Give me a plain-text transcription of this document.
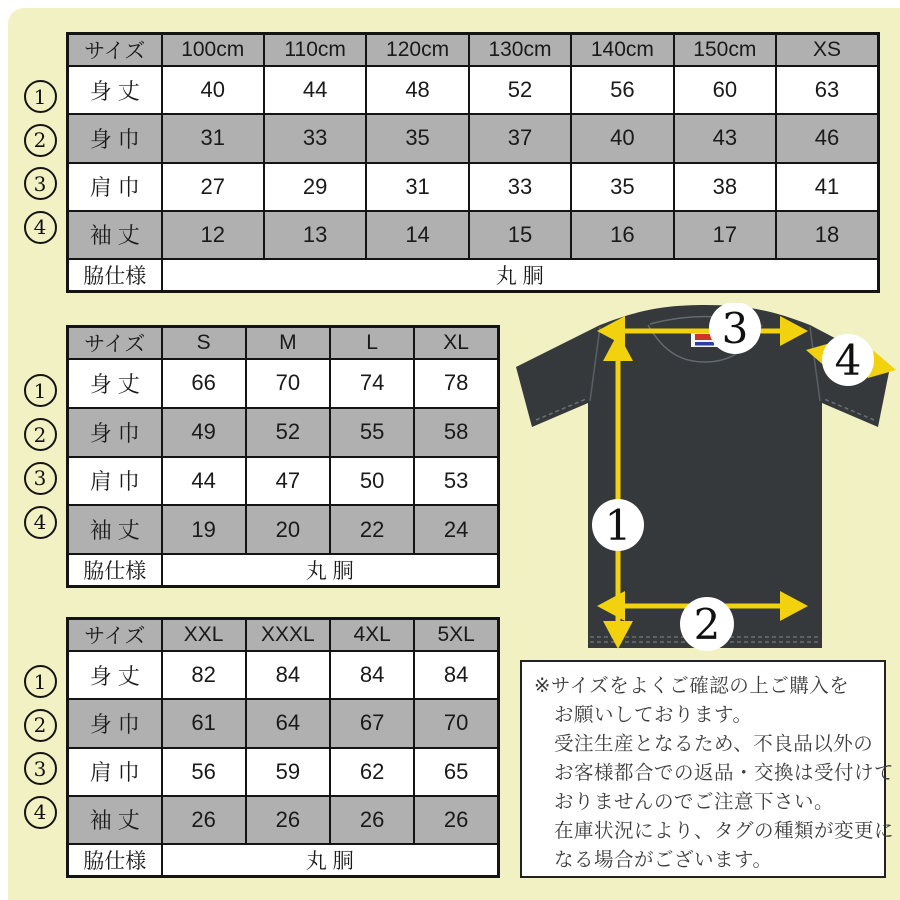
1
2
3
4
1
2
3
4
1
2
3
4
サイズ	100cm	110cm	120cm	130cm	140cm	150cm	XS
身 丈	40	44	48	52	56	60	63
身 巾	31	33	35	37	40	43	46
肩 巾	27	29	31	33	35	38	41
袖 丈	12	13	14	15	16	17	18
脇仕様	丸 胴						
サイズ	S	M	L	XL
身 丈	66	70	74	78
身 巾	49	52	55	58
肩 巾	44	47	50	53
袖 丈	19	20	22	24
脇仕様	丸 胴			
サイズ	XXL	XXXL	4XL	5XL
身 丈	82	84	84	84
身 巾	61	64	67	70
肩 巾	56	59	62	65
袖 丈	26	26	26	26
脇仕様	丸 胴			
3
4
1
2
※サイズをよくご確認の上ご購入を
お願いしております。
受注生産となるため、不良品以外の
お客様都合での返品・交換は受付けて
おりませんのでご注意下さい。
在庫状況により、タグの種類が変更に
なる場合がございます。
